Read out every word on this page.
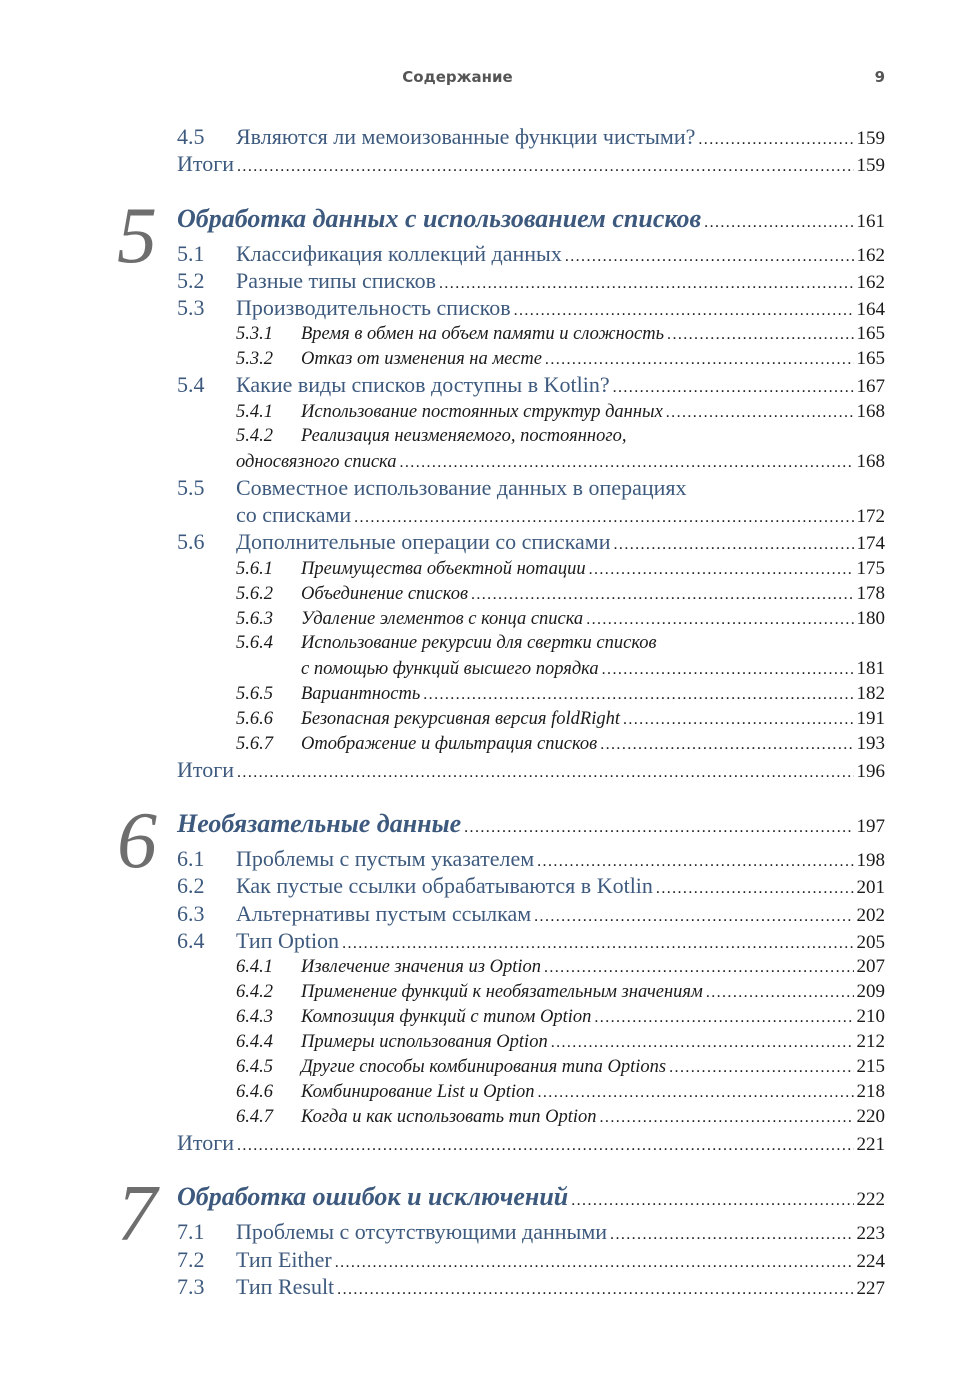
Содержание	9
4.5	Являются ли мемоизованные функции чистыми? .....	159
Итоги .....	159
5 Обработка данных с использованием списков .....	161
5.1	Классификация коллекций данных .....	162
5.2	Разные типы списков .....	162
5.3	Производительность списков .....	164
5.3.1	Время в обмен на объем памяти и сложность .....	165
5.3.2	Отказ от изменения на месте .....	165
5.4	Какие виды списков доступны в Kotlin? .....	167
5.4.1	Использование постоянных структур данных .....	168
5.4.2	Реализация неизменяемого, постоянного,
односвязного списка .....	168
5.5	Совместное использование данных в операциях
со списками .....	172
5.6	Дополнительные операции со списками .....	174
5.6.1	Преимущества объектной нотации .....	175
5.6.2	Объединение списков .....	178
5.6.3	Удаление элементов с конца списка .....	180
5.6.4	Использование рекурсии для свертки списков
с помощью функций высшего порядка .....	181
5.6.5	Вариантность .....	182
5.6.6	Безопасная рекурсивная версия foldRight .....	191
5.6.7	Отображение и фильтрация списков .....	193
Итоги .....	196
6 Необязательные данные .....	197
6.1	Проблемы с пустым указателем .....	198
6.2	Как пустые ссылки обрабатываются в Kotlin .....	201
6.3	Альтернативы пустым ссылкам .....	202
6.4	Тип Option .....	205
6.4.1	Извлечение значения из Option .....	207
6.4.2	Применение функций к необязательным значениям .....	209
6.4.3	Композиция функций с типом Option .....	210
6.4.4	Примеры использования Option .....	212
6.4.5	Другие способы комбинирования типа Options .....	215
6.4.6	Комбинирование List и Option .....	218
6.4.7	Когда и как использовать тип Option .....	220
Итоги .....	221
7 Обработка ошибок и исключений .....	222
7.1	Проблемы с отсутствующими данными .....	223
7.2	Тип Either .....	224
7.3	Тип Result .....	227
